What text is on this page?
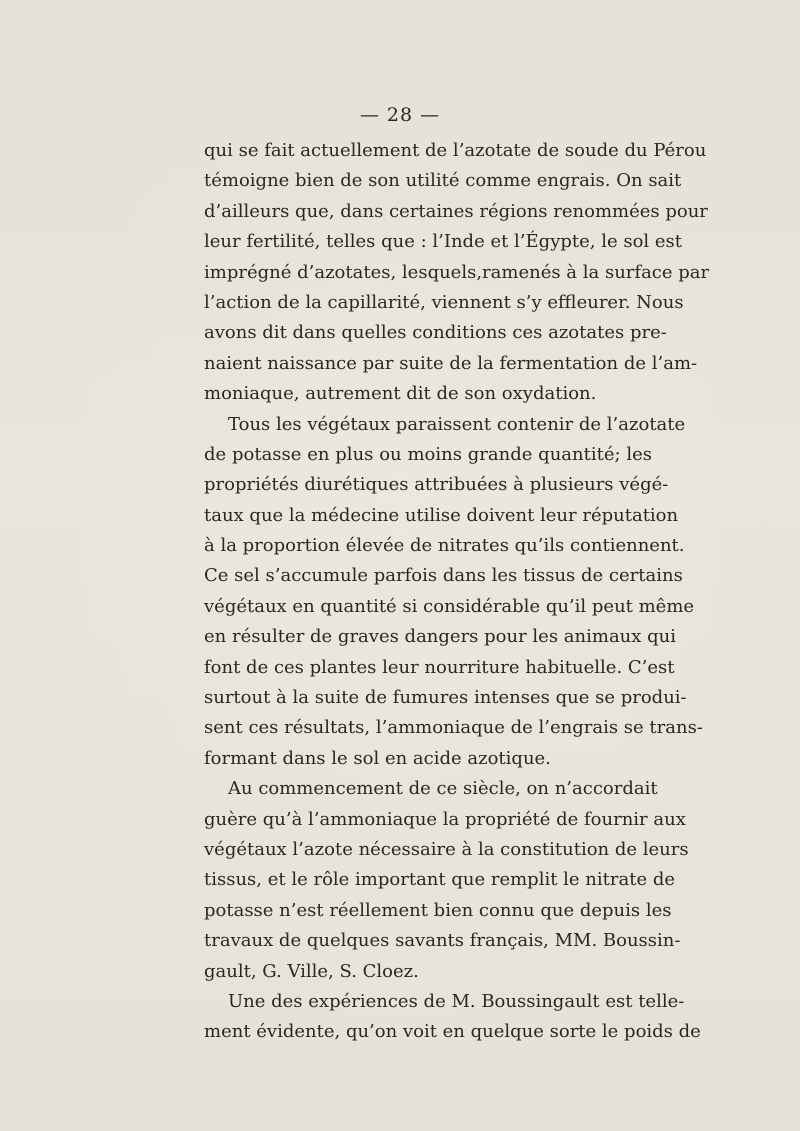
— 28 —
qui se fait actuellement de l’azotate de soude du Pérou
témoigne bien de son utilité comme engrais. On sait
d’ailleurs que, dans certaines régions renommées pour
leur fertilité, telles que : l’Inde et l’Égypte, le sol est
imprégné d’azotates, lesquels,ramenés à la surface par
l’action de la capillarité, viennent s’y effleurer. Nous
avons dit dans quelles conditions ces azotates pre-
naient naissance par suite de la fermentation de l’am-
moniaque, autrement dit de son oxydation.
Tous les végétaux paraissent contenir de l’azotate
de potasse en plus ou moins grande quantité; les
propriétés diurétiques attribuées à plusieurs végé-
taux que la médecine utilise doivent leur réputation
à la proportion élevée de nitrates qu’ils contiennent.
Ce sel s’accumule parfois dans les tissus de certains
végétaux en quantité si considérable qu’il peut même
en résulter de graves dangers pour les animaux qui
font de ces plantes leur nourriture habituelle. C’est
surtout à la suite de fumures intenses que se produi-
sent ces résultats, l’ammoniaque de l’engrais se trans-
formant dans le sol en acide azotique.
Au commencement de ce siècle, on n’accordait
guère qu’à l’ammoniaque la propriété de fournir aux
végétaux l’azote nécessaire à la constitution de leurs
tissus, et le rôle important que remplit le nitrate de
potasse n’est réellement bien connu que depuis les
travaux de quelques savants français, MM. Boussin-
gault, G. Ville, S. Cloez.
Une des expériences de M. Boussingault est telle-
ment évidente, qu’on voit en quelque sorte le poids de
